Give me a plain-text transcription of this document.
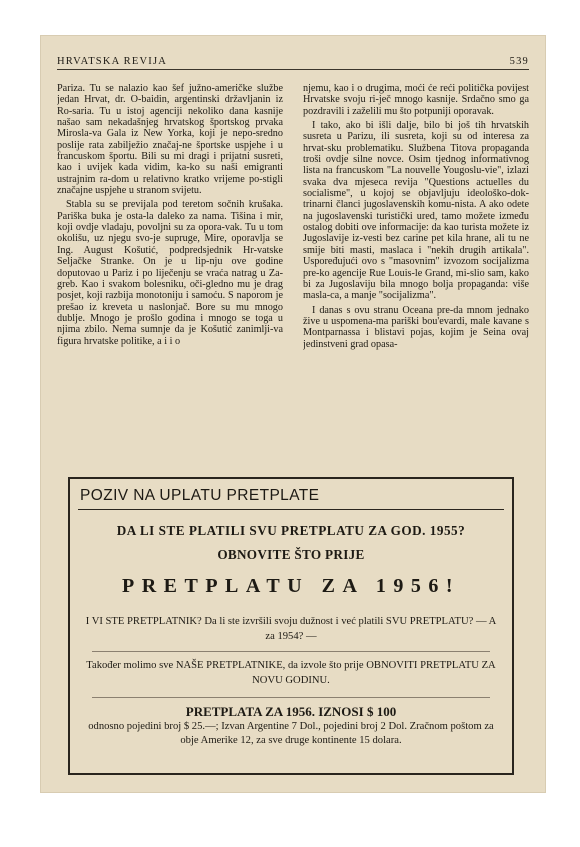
HRVATSKA REVIJA	539

Pariza. Tu se nalazio kao šef južno-američke službe jedan Hrvat, dr. O-baidin, argentinski državljanin iz Ro-saria. Tu u istoj agenciji nekoliko dana kasnije našao sam nekadašnjeg hrvatskog športskog prvaka Mirosla-va Gala iz New Yorka, koji je nepo-sredno poslije rata zabilježio značaj-ne športske uspjehe i u francuskom športu. Bili su mi dragi i prijatni susreti, kao i uvijek kada vidim, ka-ko su naši emigranti ustrajnim ra-dom u relativno kratko vrijeme po-stigli značajne uspjehe u stranom svijetu.

Stabla su se previjala pod teretom sočnih krušaka. Pariška buka je osta-la daleko za nama. Tišina i mir, koji ovdje vladaju, povoljni su za opora-vak. Tu u tom okolišu, uz njegu svo-je supruge, Mire, oporavlja se Ing. August Košutić, podpredsjednik Hr-vatske Seljačke Stranke. On je u lip-nju ove godine doputovao u Pariz i po liječenju se vraća natrag u Za-greb. Kao i svakom bolesniku, oči-gledno mu je drag posjet, koji razbija monotoniju i samoću. S naporom je prešao iz kreveta u naslonjač. Bore su mu mnogo dublje. Mnogo je prošlo godina i mnogo se toga u njima zbilo. Nema sumnje da je Košutić zanimlji-va figura hrvatske politike, a i i o

njemu, kao i o drugima, moći će reći politička povijest Hrvatske svoju ri-ječ mnogo kasnije. Srdačno smo ga pozdravili i zaželili mu što potpuniji oporavak.

I tako, ako bi išli dalje, bilo bi još tih hrvatskih susreta u Parizu, ili susreta, koji su od interesa za hrvat-sku problematiku. Službena Titova propaganda troši ovdje silne novce. Osim tjednog informativnog lista na francuskom "La nouvelle Yougoslu-vie", izlazi svaka dva mjeseca revija "Questions actuelles du socialisme", u kojoj se objavljuju ideološko-dok-trinarni članci jugoslavenskih komu-nista. A ako odete na jugoslavenski turistički ured, tamo možete između ostalog dobiti ove informacije: da kao turista možete iz Jugoslavije iz-vesti bez carine pet kila hrane, ali tu ne smije biti masti, maslaca i "nekih drugih artikala". Uspoređujući ovo s "masovnim" izvozom socijalizma pre-ko agencije Rue Louis-le Grand, mi-slio sam, kako bi za Jugoslaviju bila mnogo bolja propaganda: više masla-ca, a manje "socijalizma".

I danas s ovu stranu Oceana pre-da mnom jednako žive u uspomena-ma pariški bou'evardi, male kavane s Montparnassa i blistavi pojas, kojim je Seina ovaj jedinstveni grad opasa-

POZIV NA UPLATU PRETPLATE
DA LI STE PLATILI SVU PRETPLATU ZA GOD. 1955?
OBNOVITE ŠTO PRIJE
PRETPLATU ZA 1956!
I VI STE PRETPLATNIK? Da li ste izvršili svoju dužnost i već platili SVU PRETPLATU? — A za 1954? —
Također molimo sve NAŠE PRETPLATNIKE, da izvole što prije OBNOVITI PRETPLATU ZA NOVU GODINU.
PRETPLATA ZA 1956. IZNOSI $ 100
odnosno pojedini broj $ 25.—; Izvan Argentine 7 Dol., pojedini broj 2 Dol. Zračnom poštom za obje Amerike 12, za sve druge kontinente 15 dolara.
